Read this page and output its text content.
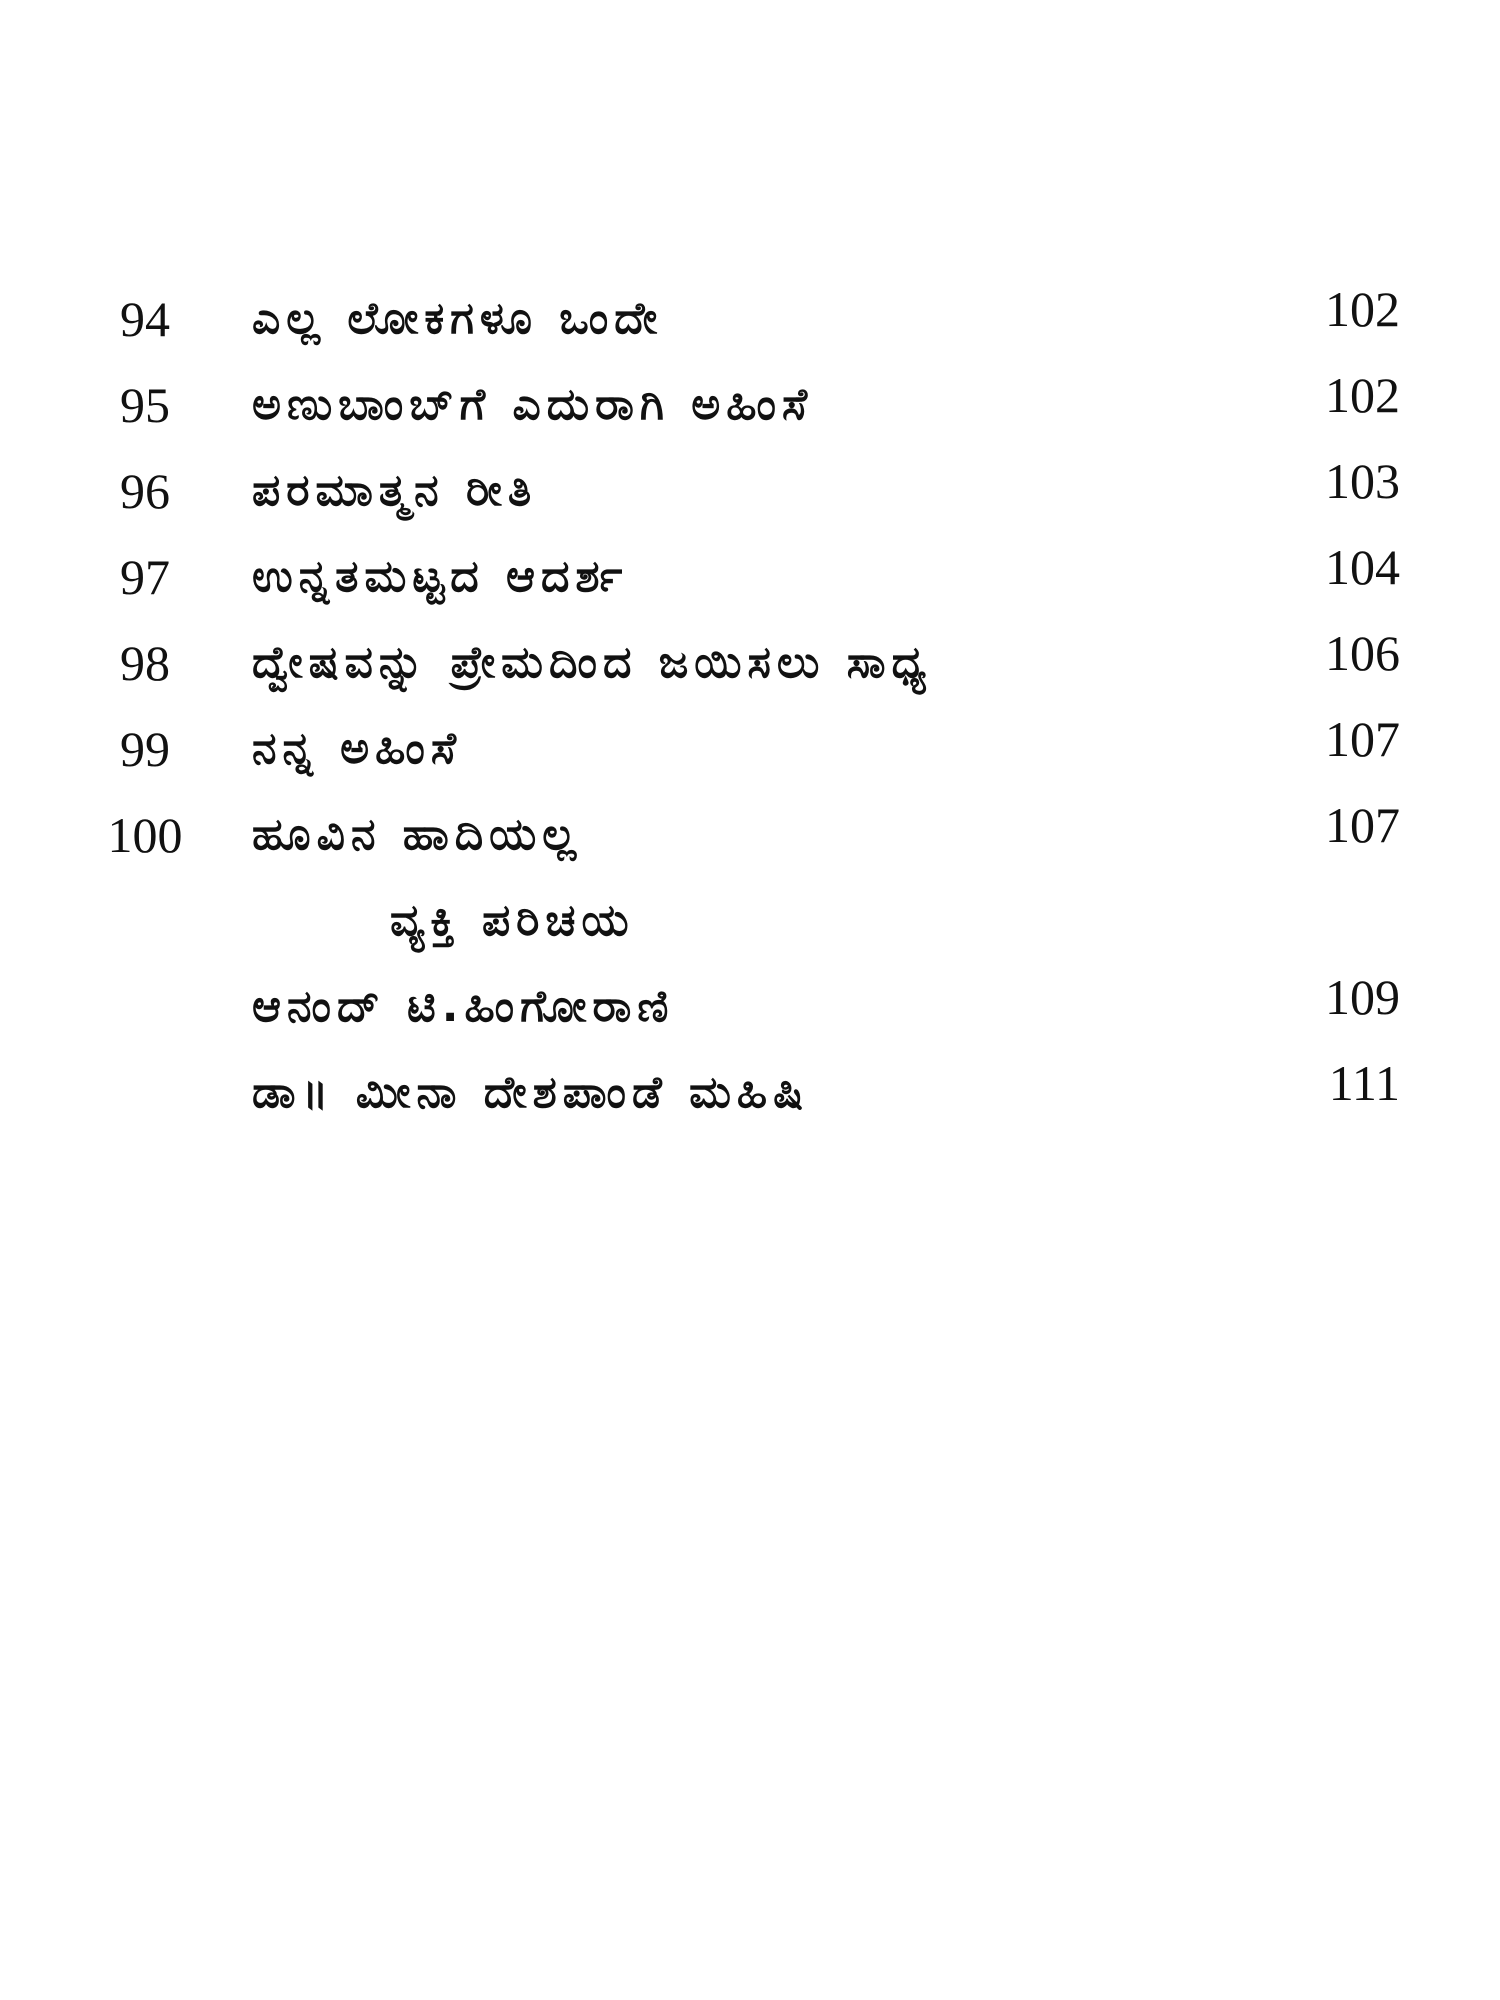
94	ಎಲ್ಲ ಲೋಕಗಳೂ ಒಂದೇ	102
95	ಅಣುಬಾಂಬ್‌ಗೆ ಎದುರಾಗಿ ಅಹಿಂಸೆ	102
96	ಪರಮಾತ್ಮನ ರೀತಿ	103
97	ಉನ್ನತಮಟ್ಟದ ಆದರ್ಶ	104
98	ದ್ವೇಷವನ್ನು ಪ್ರೇಮದಿಂದ ಜಯಿಸಲು ಸಾಧ್ಯ	106
99	ನನ್ನ ಅಹಿಂಸೆ	107
100 ಹೂವಿನ ಹಾದಿಯಲ್ಲ	107
ವ್ಯಕ್ತಿ ಪರಿಚಯ
ಆನಂದ್ ಟಿ.ಹಿಂಗೋರಾಣಿ	109
ಡಾ॥ ಮೀನಾ ದೇಶಪಾಂಡೆ ಮಹಿಷಿ	111
